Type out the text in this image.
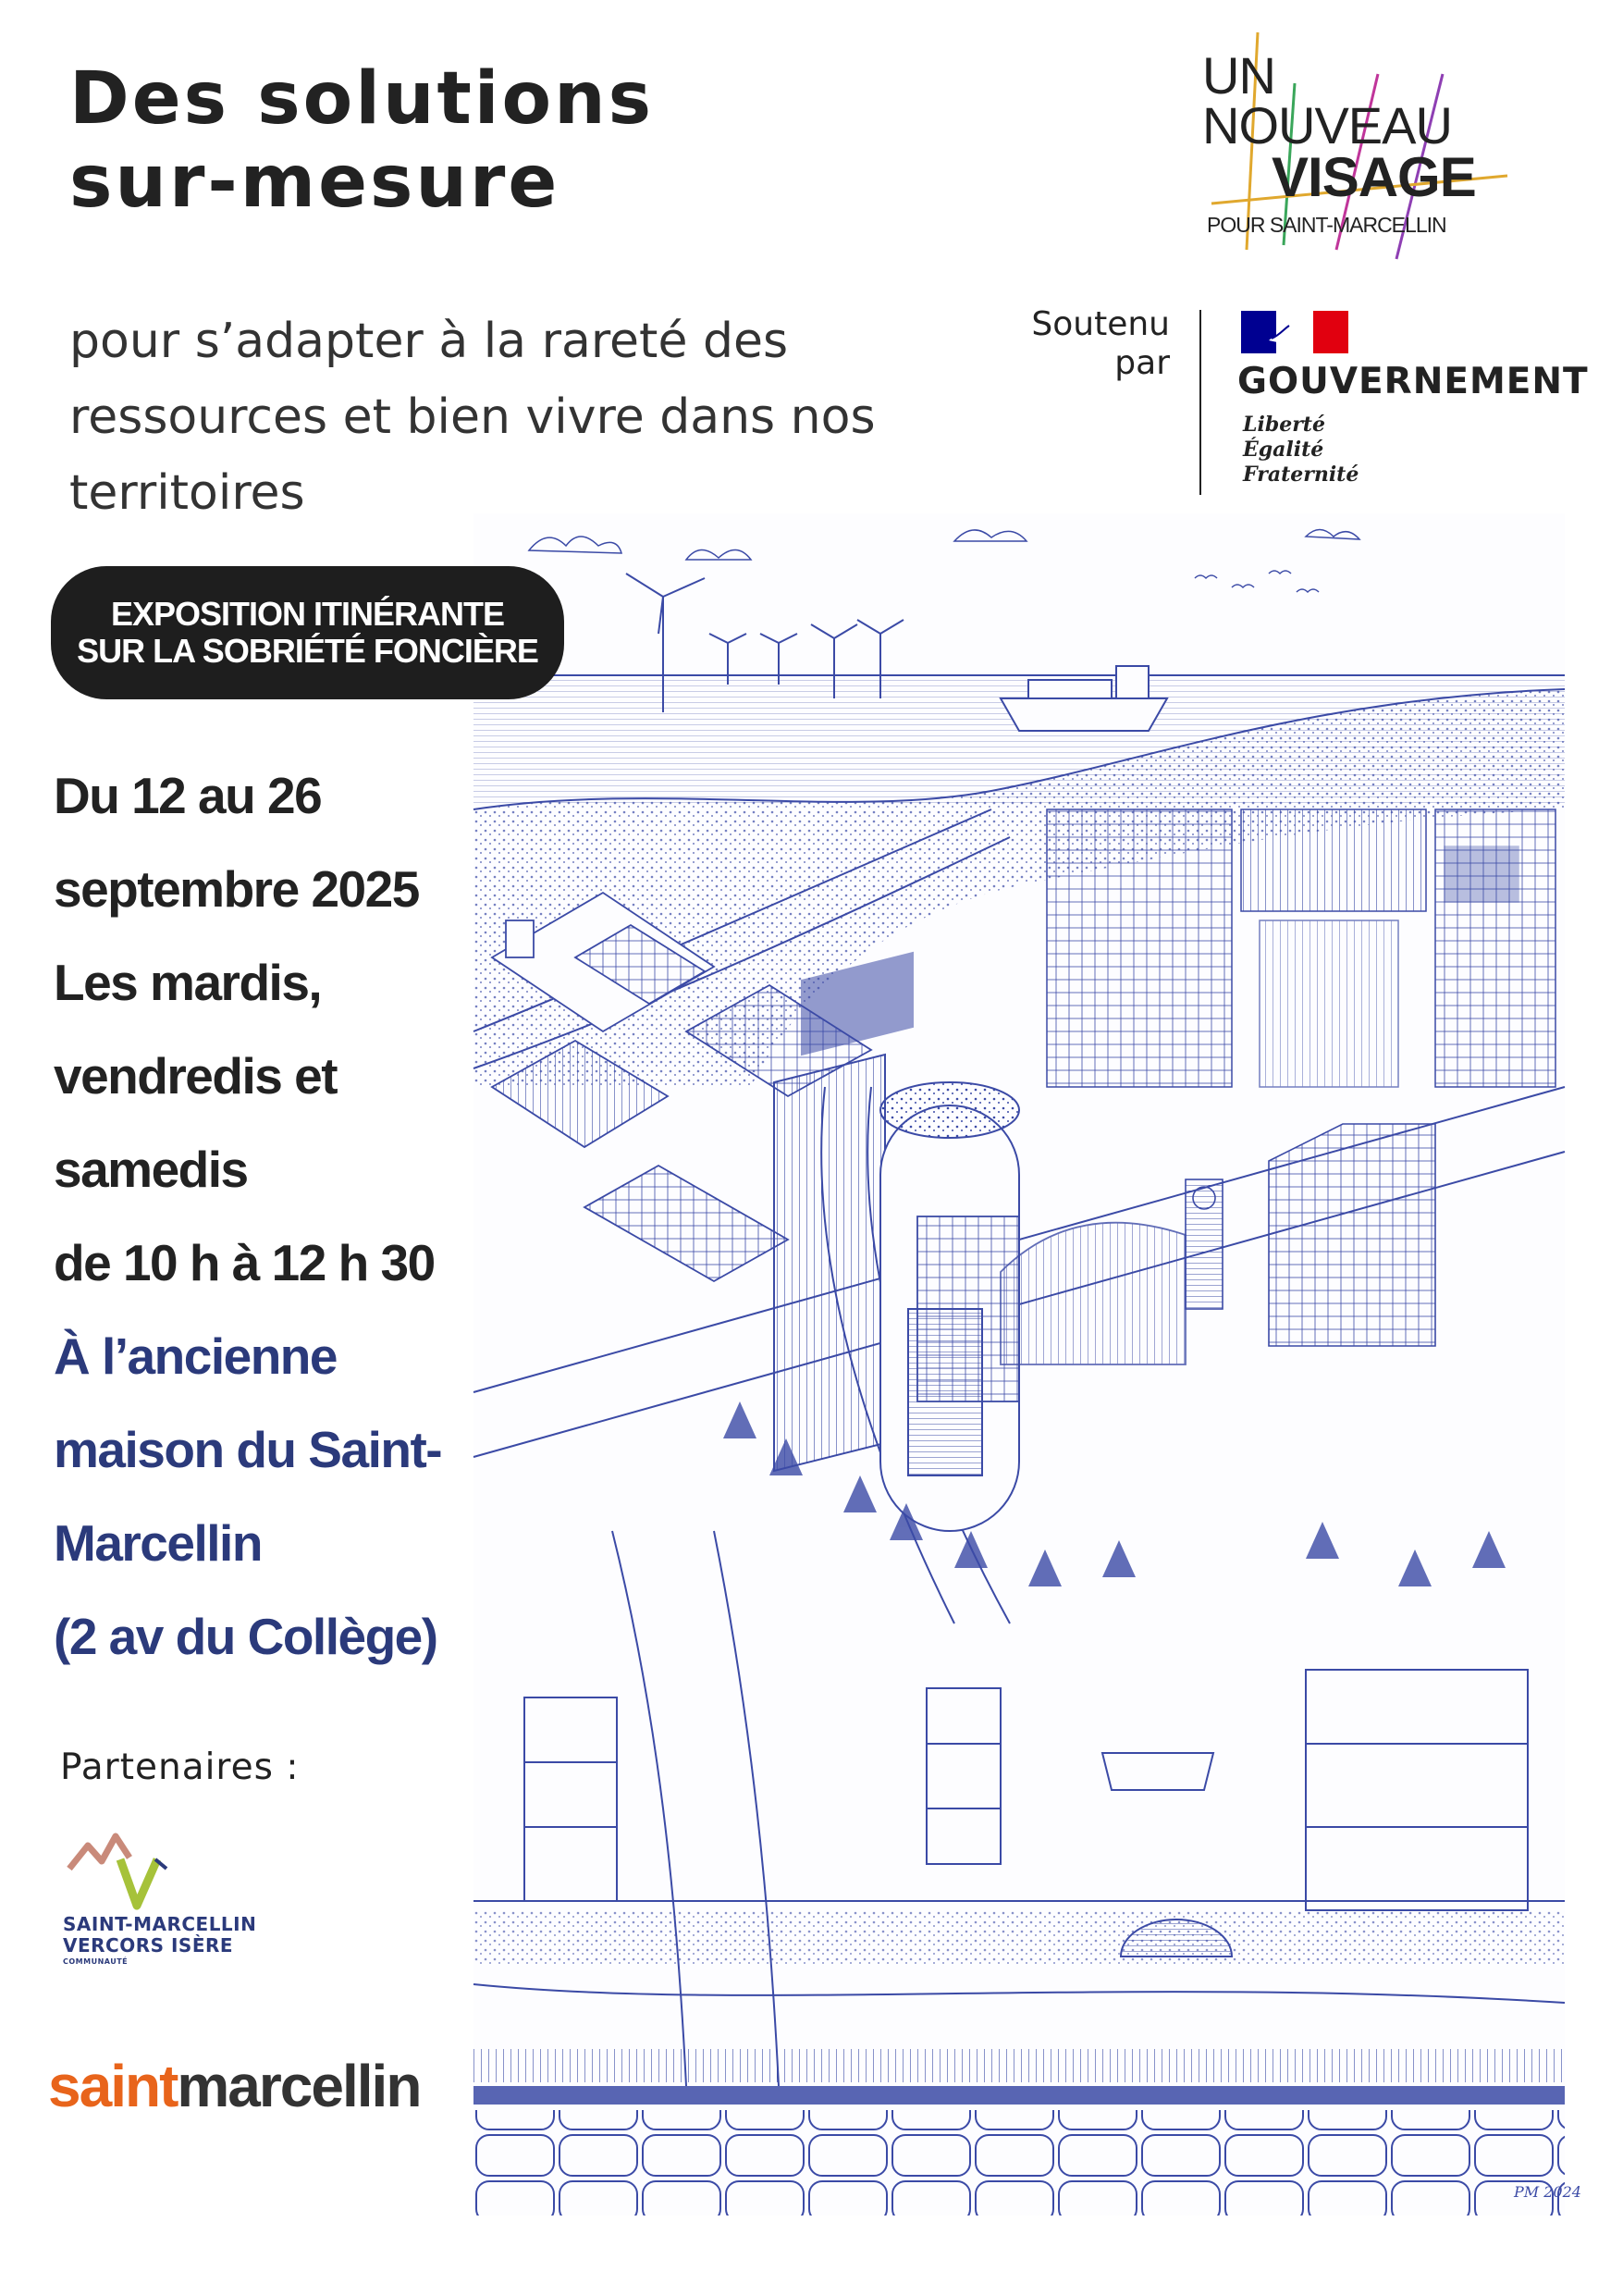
Des solutions
sur-mesure
pour s’adapter à la rareté des
ressources et bien vivre dans nos
territoires
UN
NOUVEAU
VISAGE
POUR SAINT-MARCELLIN
Soutenu
par GOUVERNEMENT
Liberté
Égalité
Fraternité
PM 2024
EXPOSITION ITINÉRANTE
SUR LA SOBRIÉTÉ FONCIÈRE
Du 12 au 26
septembre 2025
Les mardis,
vendredis et
samedis
de 10 h à 12 h 30
À l’ancienne
maison du Saint-
Marcellin
(2 av du Collège)
Partenaires :
SAINT-MARCELLIN
VERCORS ISÈRE
COMMUNAUTÉ
saintmarcellin
